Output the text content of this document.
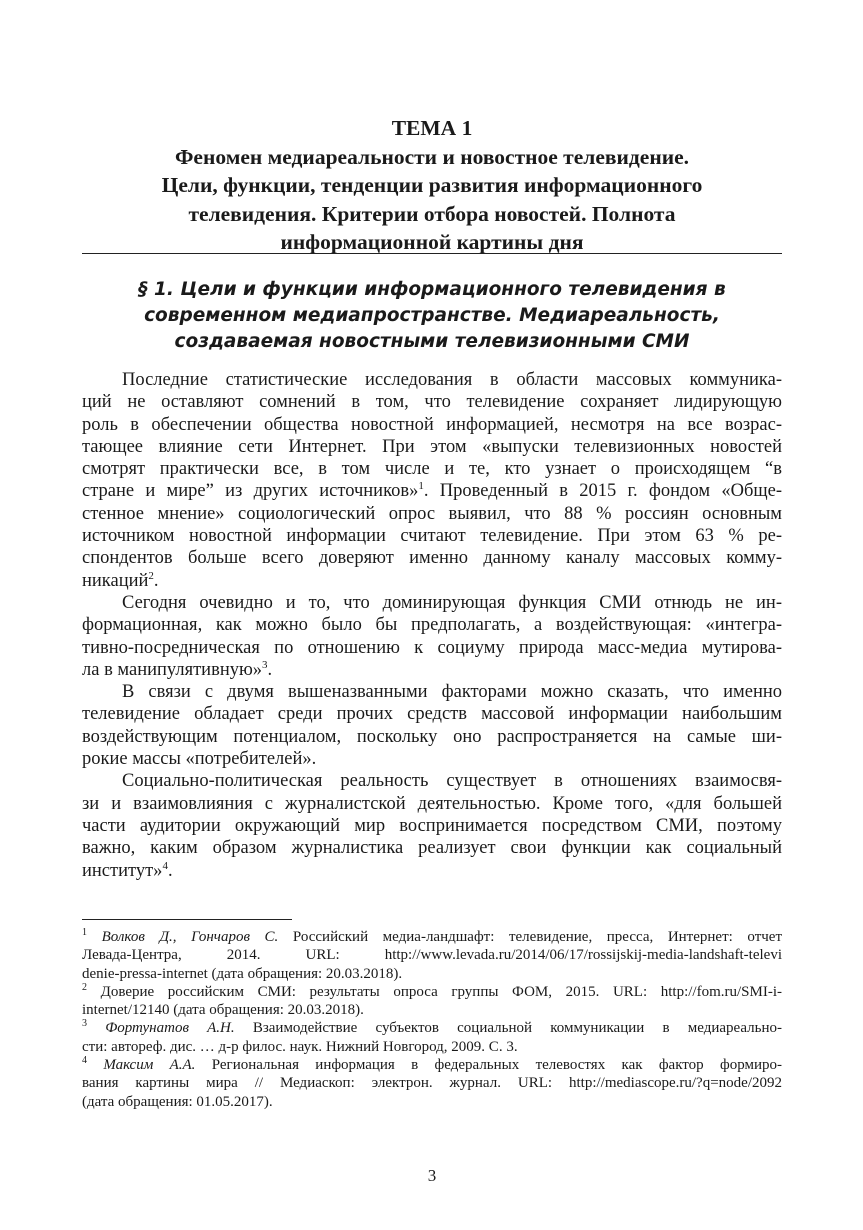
ТЕМА 1
Феномен медиареальности и новостное телевидение.
Цели, функции, тенденции развития информационного
телевидения. Критерии отбора новостей. Полнота
информационной картины дня
§ 1. Цели и функции информационного телевидения в
современном медиапространстве. Медиареальность,
создаваемая новостными телевизионными СМИ
Последние статистические исследования в области массовых коммуника-
ций не оставляют сомнений в том, что телевидение сохраняет лидирующую
роль в обеспечении общества новостной информацией, несмотря на все возрас-
тающее влияние сети Интернет. При этом «выпуски телевизионных новостей
смотрят практически все, в том числе и те, кто узнает о происходящем “в
стране и мире” из других источников»$^1$. Проведенный в 2015 г. фондом «Обще-
стенное мнение» социологический опрос выявил, что 88 % россиян основным
источником новостной информации считают телевидение. При этом 63 % ре-
спондентов больше всего доверяют именно данному каналу массовых комму-
никаций$^2$.
Сегодня очевидно и то, что доминирующая функция СМИ отнюдь не ин-
формационная, как можно было бы предполагать, а воздействующая: «интегра-
тивно-посредническая по отношению к социуму природа масс-медиа мутирова-
ла в манипулятивную»$^3$.
В связи с двумя вышеназванными факторами можно сказать, что именно
телевидение обладает среди прочих средств массовой информации наибольшим
воздействующим потенциалом, поскольку оно распространяется на самые ши-
рокие массы «потребителей».
Социально-политическая реальность существует в отношениях взаимосвя-
зи и взаимовлияния с журналистской деятельностью. Кроме того, «для большей
части аудитории окружающий мир воспринимается посредством СМИ, поэтому
важно, каким образом журналистика реализует свои функции как социальный
институт»$^4$.
$^1$ Волков Д., Гончаров С. Российский медиа-ландшафт: телевидение, пресса, Интернет: отчет
Левада-Центра, 2014. URL: http://www.levada.ru/2014/06/17/rossijskij-media-landshaft-televi
denie-pressa-internet (дата обращения: 20.03.2018).
$^2$ Доверие российским СМИ: результаты опроса группы ФОМ, 2015. URL: http://fom.ru/SMI-i-
internet/12140 (дата обращения: 20.03.2018).
$^3$ Фортунатов А.Н. Взаимодействие субъектов социальной коммуникации в медиареально-
сти: автореф. дис. … д-р филос. наук. Нижний Новгород, 2009. С. 3.
$^4$ Максим А.А. Региональная информация в федеральных телевостях как фактор формиро-
вания картины мира // Медиаскоп: электрон. журнал. URL: http://mediascope.ru/?q=node/2092
(дата обращения: 01.05.2017).
3
